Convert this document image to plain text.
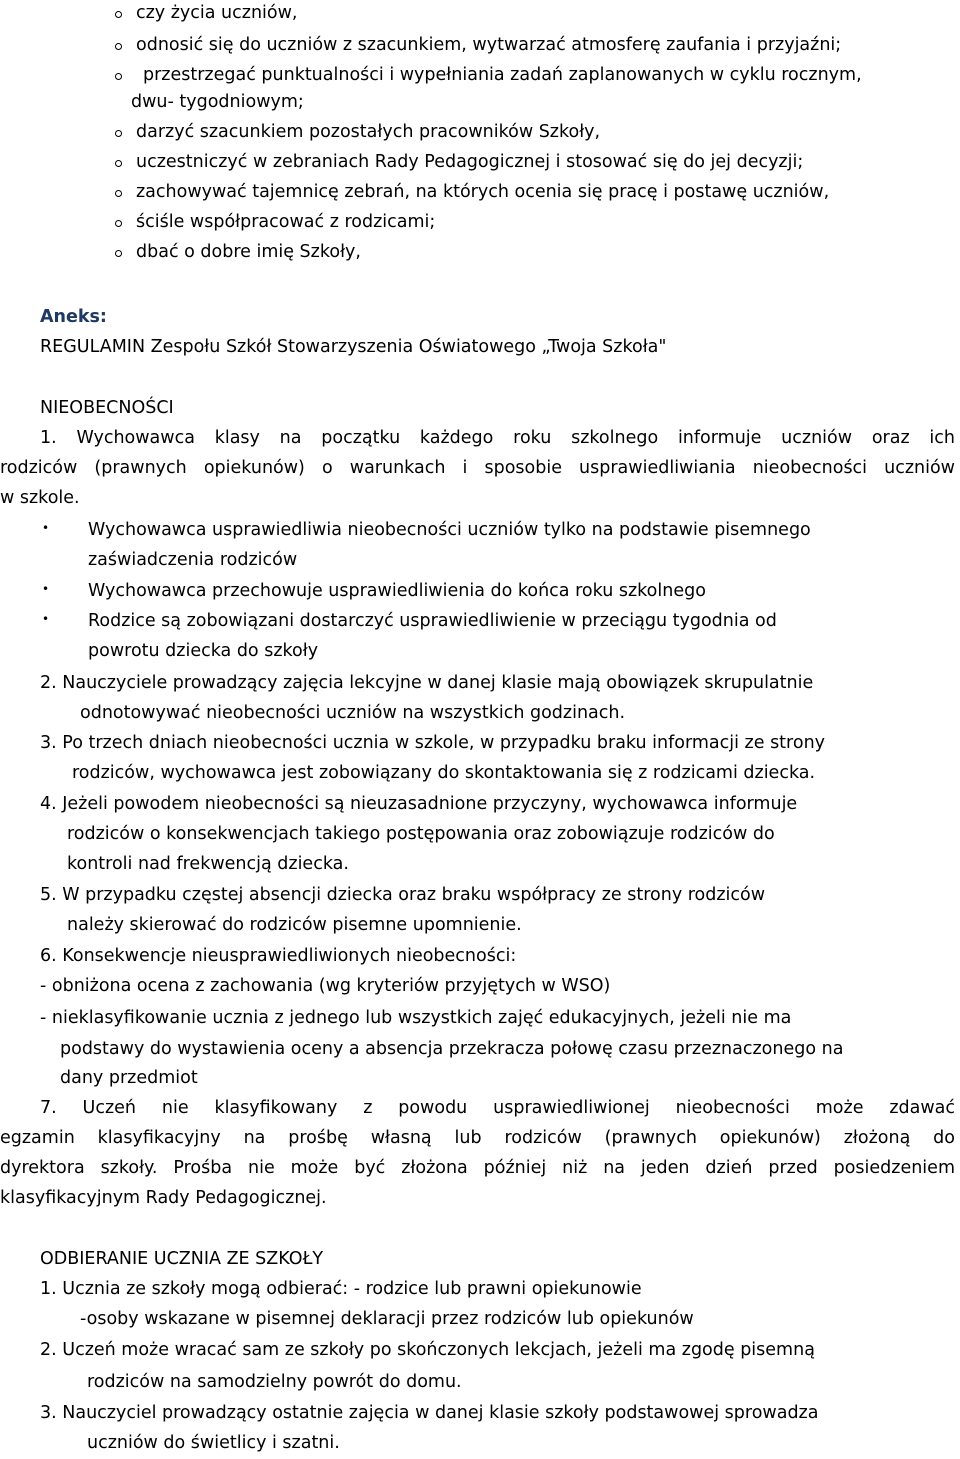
czy życia uczniów,
odnosić się do uczniów z szacunkiem, wytwarzać atmosferę zaufania i przyjaźni;
przestrzegać punktualności i wypełniania zadań zaplanowanych w cyklu rocznym,
dwu- tygodniowym;
darzyć szacunkiem pozostałych pracowników Szkoły,
uczestniczyć w zebraniach Rady Pedagogicznej i stosować się do jej decyzji;
zachowywać tajemnicę zebrań, na których ocenia się pracę i postawę uczniów,
ściśle współpracować z rodzicami;
dbać o dobre imię Szkoły,
Aneks:
REGULAMIN Zespołu Szkół Stowarzyszenia Oświatowego „Twoja Szkoła"
NIEOBECNOŚCI
1. Wychowawca klasy na początku każdego roku szkolnego informuje uczniów oraz ich
rodziców (prawnych opiekunów) o warunkach i sposobie usprawiedliwiania nieobecności uczniów
w szkole.
• Wychowawca usprawiedliwia nieobecności uczniów tylko na podstawie pisemnego
zaświadczenia rodziców
• Wychowawca przechowuje usprawiedliwienia do końca roku szkolnego
• Rodzice są zobowiązani dostarczyć usprawiedliwienie w przeciągu tygodnia od
powrotu dziecka do szkoły
2. Nauczyciele prowadzący zajęcia lekcyjne w danej klasie mają obowiązek skrupulatnie
odnotowywać nieobecności uczniów na wszystkich godzinach.
3. Po trzech dniach nieobecności ucznia w szkole, w przypadku braku informacji ze strony
rodziców, wychowawca jest zobowiązany do skontaktowania się z rodzicami dziecka.
4. Jeżeli powodem nieobecności są nieuzasadnione przyczyny, wychowawca informuje
rodziców o konsekwencjach takiego postępowania oraz zobowiązuje rodziców do
kontroli nad frekwencją dziecka.
5. W przypadku częstej absencji dziecka oraz braku współpracy ze strony rodziców
należy skierować do rodziców pisemne upomnienie.
6. Konsekwencje nieusprawiedliwionych nieobecności:
- obniżona ocena z zachowania (wg kryteriów przyjętych w WSO)
- nieklasyfikowanie ucznia z jednego lub wszystkich zajęć edukacyjnych, jeżeli nie ma
podstawy do wystawienia oceny a absencja przekracza połowę czasu przeznaczonego na
dany przedmiot
7. Uczeń nie klasyfikowany z powodu usprawiedliwionej nieobecności może zdawać
egzamin klasyfikacyjny na prośbę własną lub rodziców (prawnych opiekunów) złożoną do
dyrektora szkoły. Prośba nie może być złożona później niż na jeden dzień przed posiedzeniem
klasyfikacyjnym Rady Pedagogicznej.
ODBIERANIE UCZNIA ZE SZKOŁY
1. Ucznia ze szkoły mogą odbierać: - rodzice lub prawni opiekunowie
-osoby wskazane w pisemnej deklaracji przez rodziców lub opiekunów
2. Uczeń może wracać sam ze szkoły po skończonych lekcjach, jeżeli ma zgodę pisemną
rodziców na samodzielny powrót do domu.
3. Nauczyciel prowadzący ostatnie zajęcia w danej klasie szkoły podstawowej sprowadza
uczniów do świetlicy i szatni.
